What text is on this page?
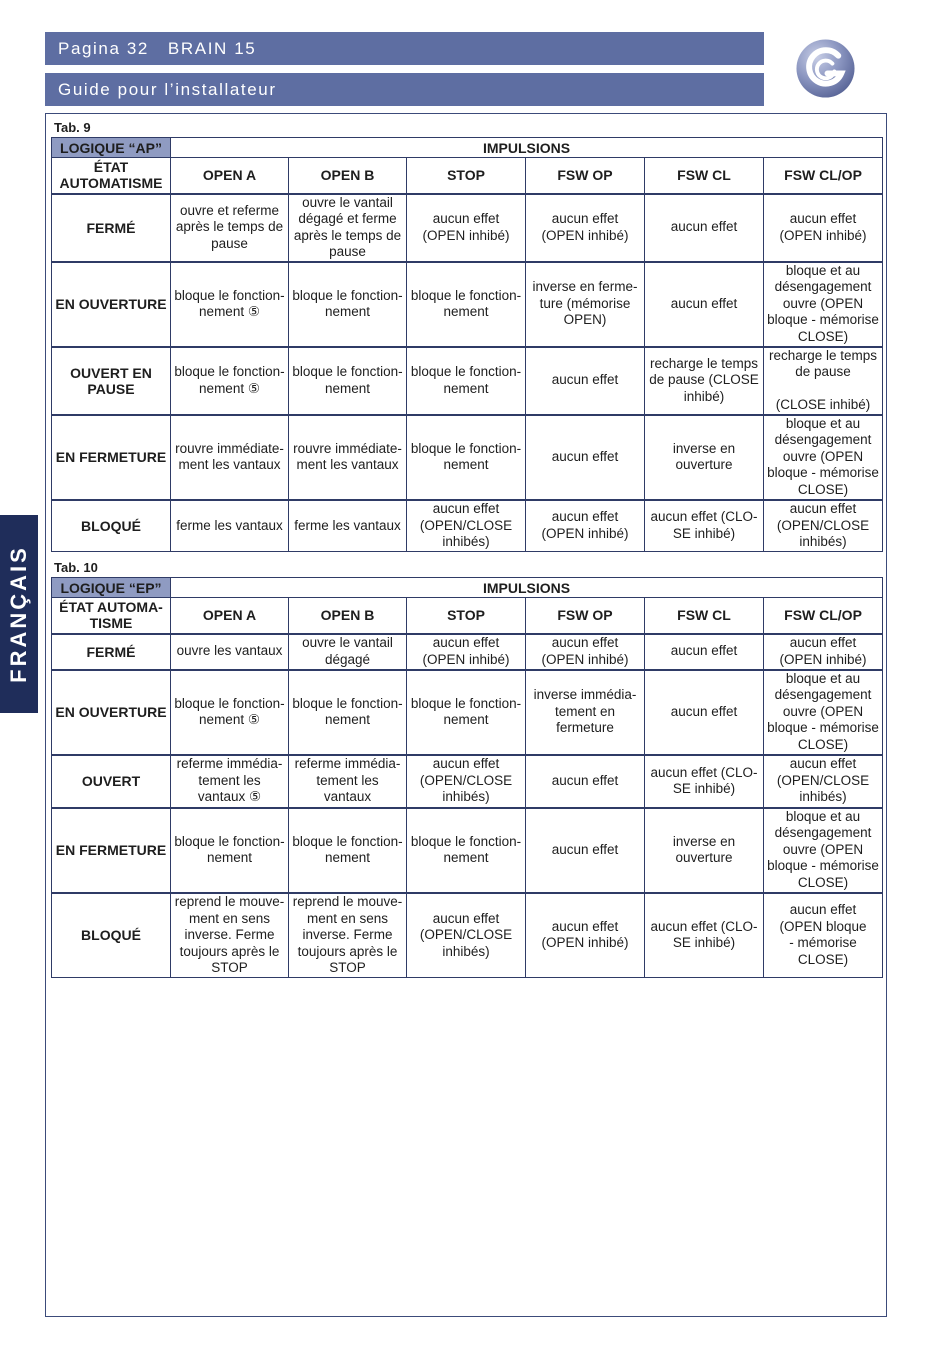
Pagina 32   BRAIN 15
Guide pour l’installateur
FRANÇAIS
Tab. 9
LOGIQUE “AP”	IMPULSIONS					
ÉTAT
AUTOMATISME	OPEN A	OPEN B	STOP	FSW OP	FSW CL	FSW CL/OP
FERMÉ	ouvre et referme
après le temps de
pause	ouvre le vantail
dégagé et ferme
après le temps de
pause	aucun effet
(OPEN inhibé)	aucun effet
(OPEN inhibé)	aucun effet	aucun effet
(OPEN inhibé)
EN OUVERTURE	bloque le fonction-
nement ⑤	bloque le fonction-
nement	bloque le fonction-
nement	inverse en ferme-
ture (mémorise
OPEN)	aucun effet	bloque et au
désengagement
ouvre (OPEN
bloque - mémorise
CLOSE)
OUVERT EN
PAUSE	bloque le fonction-
nement ⑤	bloque le fonction-
nement	bloque le fonction-
nement	aucun effet	recharge le temps
de pause (CLOSE
inhibé)	recharge le temps
de pause

(CLOSE inhibé)
EN FERMETURE	rouvre immédiate-
ment les vantaux	rouvre immédiate-
ment les vantaux	bloque le fonction-
nement	aucun effet	inverse en
ouverture	bloque et au
désengagement
ouvre (OPEN
bloque - mémorise
CLOSE)
BLOQUÉ	ferme les vantaux	ferme les vantaux	aucun effet
(OPEN/CLOSE
inhibés)	aucun effet
(OPEN inhibé)	aucun effet (CLO-
SE inhibé)	aucun effet
(OPEN/CLOSE
inhibés)
Tab. 10
LOGIQUE “EP”	IMPULSIONS					
ÉTAT AUTOMA-
TISME	OPEN A	OPEN B	STOP	FSW OP	FSW CL	FSW CL/OP
FERMÉ	ouvre les vantaux	ouvre le vantail
dégagé	aucun effet
(OPEN inhibé)	aucun effet
(OPEN inhibé)	aucun effet	aucun effet
(OPEN inhibé)
EN OUVERTURE	bloque le fonction-
nement ⑤	bloque le fonction-
nement	bloque le fonction-
nement	inverse immédia-
tement en
fermeture	aucun effet	bloque et au
désengagement
ouvre (OPEN
bloque - mémorise
CLOSE)
OUVERT	referme immédia-
tement les
vantaux ⑤	referme immédia-
tement les
vantaux	aucun effet
(OPEN/CLOSE
inhibés)	aucun effet	aucun effet (CLO-
SE inhibé)	aucun effet
(OPEN/CLOSE
inhibés)
EN FERMETURE	bloque le fonction-
nement	bloque le fonction-
nement	bloque le fonction-
nement	aucun effet	inverse en
ouverture	bloque et au
désengagement
ouvre (OPEN
bloque - mémorise
CLOSE)
BLOQUÉ	reprend le mouve-
ment en sens
inverse. Ferme
toujours après le
STOP	reprend le mouve-
ment en sens
inverse. Ferme
toujours après le
STOP	aucun effet
(OPEN/CLOSE
inhibés)	aucun effet
(OPEN inhibé)	aucun effet (CLO-
SE inhibé)	aucun effet
(OPEN bloque
- mémorise
CLOSE)
